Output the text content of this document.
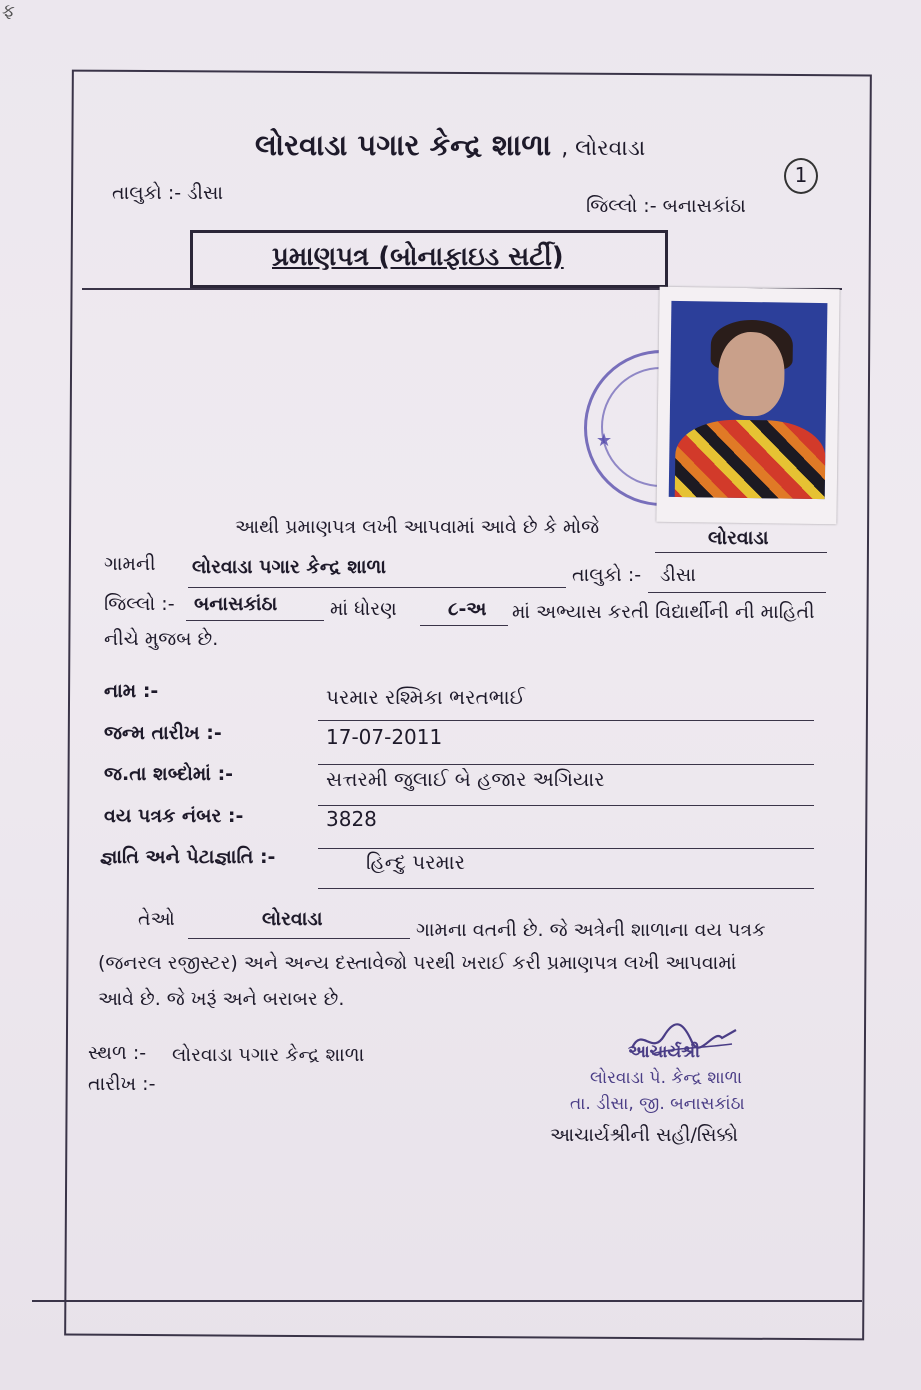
ફ
લોરવાડા પગાર કેન્દ્ર શાળા , લોરવાડા
1
તાલુકો :- ડીસા
જિલ્લો :- બનાસકાંઠા
પ્રમાણપત્ર (બોનાફાઇડ સર્ટી)
★
આથી પ્રમાણપત્ર લખી આપવામાં આવે છે કે મોજે	લોરવાડા
ગામની લોરવાડા પગાર કેન્દ્ર શાળા	તાલુકો :- ડીસા
જિલ્લો :- બનાસકાંઠા	માં ધોરણ	૮-અ માં અભ્યાસ કરતી વિદ્યાર્થીની ની માહિતી
નીચે મુજબ છે.
નામ :-	પરમાર રશ્મિકા ભરતભાઈ
જન્મ તારીખ :-	17-07-2011
જ.તા શબ્દોમાં :-	સત્તરમી જુલાઈ બે હજાર અગિયાર
વય પત્રક નંબર :-	3828
જ્ઞાતિ અને પેટાજ્ઞાતિ :-	હિન્દુ પરમાર
તેઓ	લોરવાડા	ગામના વતની છે. જે અત્રેની શાળાના વય પત્રક
(જનરલ રજીસ્ટર) અને અન્ય દસ્તાવેજો પરથી ખરાઈ કરી પ્રમાણપત્ર લખી આપવામાં
આવે છે. જે ખરૂં અને બરાબર છે.
સ્થળ :- લોરવાડા પગાર કેન્દ્ર શાળા
તારીખ :-
આચાર્યશ્રી
લોરવાડા પે. કેન્દ્ર શાળા
તા. ડીસા, જી. બનાસકાંઠા
આચાર્યશ્રીની સહી/સિક્કો
